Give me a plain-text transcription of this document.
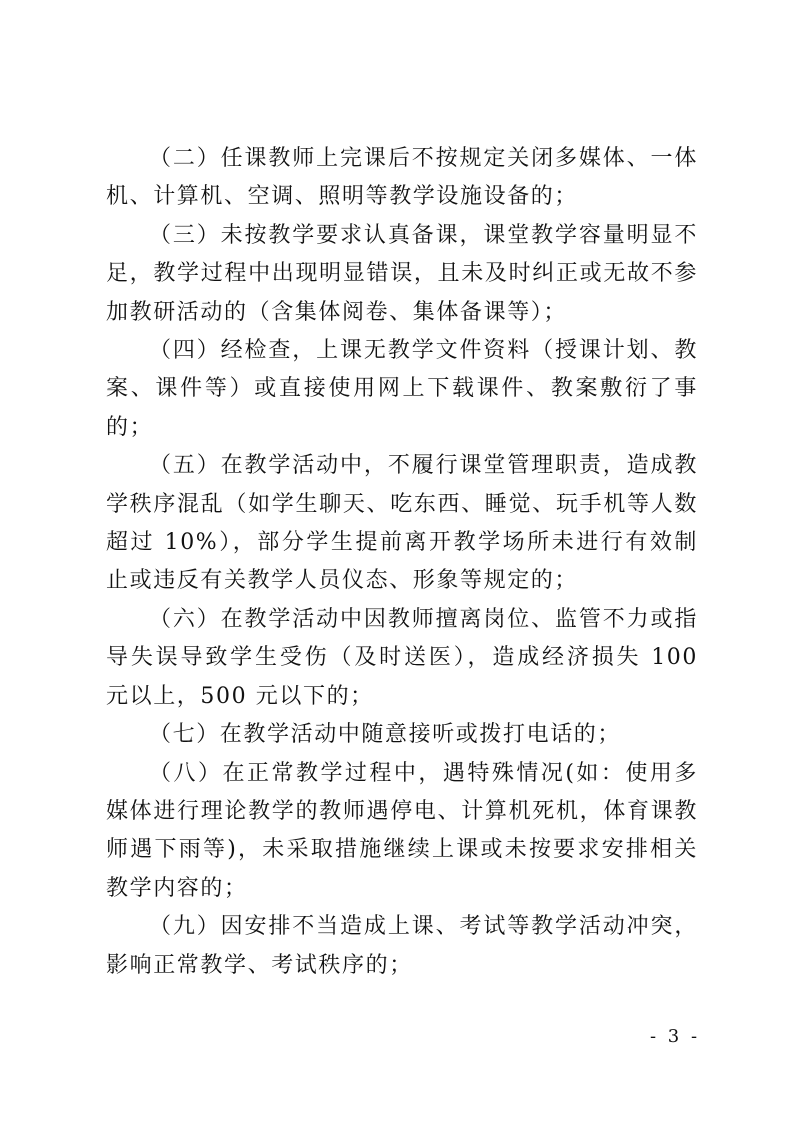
（二）任课教师上完课后不按规定关闭多媒体、一体机、计算机、空调、照明等教学设施设备的；

（三）未按教学要求认真备课，课堂教学容量明显不足，教学过程中出现明显错误，且未及时纠正或无故不参加教研活动的（含集体阅卷、集体备课等）；

（四）经检查，上课无教学文件资料（授课计划、教案、课件等）或直接使用网上下载课件、教案敷衍了事的；

（五）在教学活动中，不履行课堂管理职责，造成教学秩序混乱（如学生聊天、吃东西、睡觉、玩手机等人数超过 10%），部分学生提前离开教学场所未进行有效制止或违反有关教学人员仪态、形象等规定的；

（六）在教学活动中因教师擅离岗位、监管不力或指导失误导致学生受伤（及时送医），造成经济损失 100 元以上，500 元以下的；

（七）在教学活动中随意接听或拨打电话的；

（八）在正常教学过程中，遇特殊情况(如：使用多媒体进行理论教学的教师遇停电、计算机死机，体育课教师遇下雨等)，未采取措施继续上课或未按要求安排相关教学内容的；

（九）因安排不当造成上课、考试等教学活动冲突，影响正常教学、考试秩序的；

- 3 -
